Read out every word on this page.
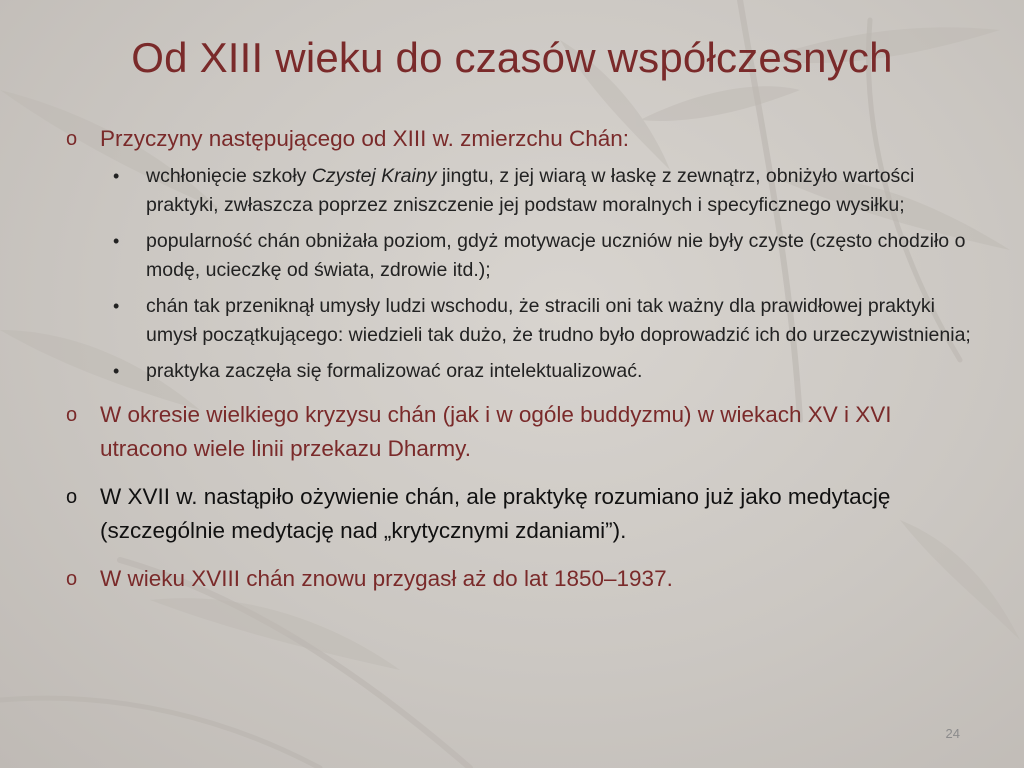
Od XIII wieku do czasów współczesnych
o Przyczyny następującego od XIII w. zmierzchu Chán:
• wchłonięcie szkoły Czystej Krainy jingtu, z jej wiarą w łaskę z zewnątrz, obniżyło wartości praktyki, zwłaszcza poprzez zniszczenie jej podstaw moralnych i specyficznego wysiłku;
• popularność chán obniżała poziom, gdyż motywacje uczniów nie były czyste (często chodziło o modę, ucieczkę od świata, zdrowie itd.);
• chán tak przeniknął umysły ludzi wschodu, że stracili oni tak ważny dla prawidłowej praktyki umysł początkującego: wiedzieli tak dużo, że trudno było doprowadzić ich do urzeczywistnienia;
• praktyka zaczęła się formalizować oraz intelektualizować.
o W okresie wielkiego kryzysu chán (jak i w ogóle buddyzmu) w wiekach XV i XVI utracono wiele linii przekazu Dharmy.
o W XVII w. nastąpiło ożywienie chán, ale praktykę rozumiano już jako medytację (szczególnie medytację nad „krytycznymi zdaniami”).
o W wieku XVIII chán znowu przygasł aż do lat 1850–1937.
24
